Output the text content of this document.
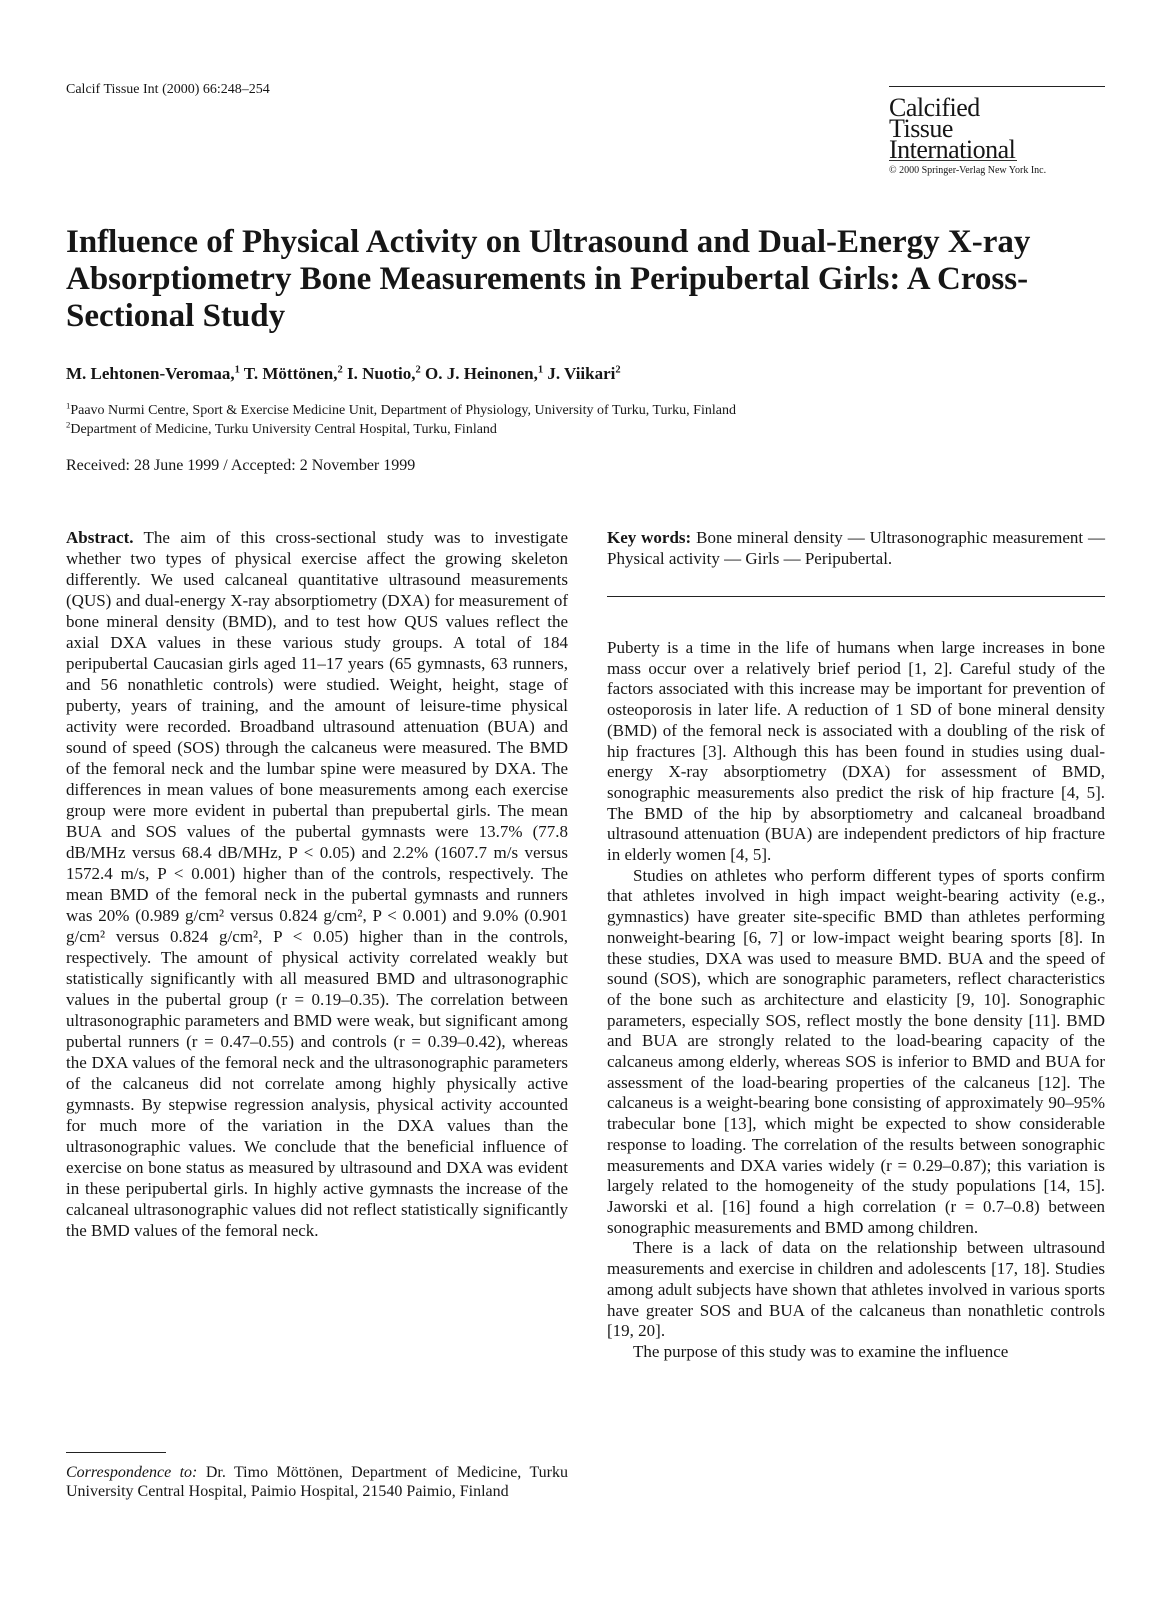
Calcif Tissue Int (2000) 66:248–254
Calcified
Tissue
International
© 2000 Springer-Verlag New York Inc.
Influence of Physical Activity on Ultrasound and Dual-Energy X-ray Absorptiometry Bone Measurements in Peripubertal Girls: A Cross-Sectional Study
M. Lehtonen-Veromaa,$^1$ T. Möttönen,$^2$ I. Nuotio,$^2$ O. J. Heinonen,$^1$ J. Viikari$^2$
$^1$Paavo Nurmi Centre, Sport & Exercise Medicine Unit, Department of Physiology, University of Turku, Turku, Finland
$^2$Department of Medicine, Turku University Central Hospital, Turku, Finland
Received: 28 June 1999 / Accepted: 2 November 1999

Abstract. The aim of this cross-sectional study was to investigate whether two types of physical exercise affect the growing skeleton differently. We used calcaneal quantitative ultrasound measurements (QUS) and dual-energy X-ray absorptiometry (DXA) for measurement of bone mineral density (BMD), and to test how QUS values reflect the axial DXA values in these various study groups. A total of 184 peripubertal Caucasian girls aged 11–17 years (65 gymnasts, 63 runners, and 56 nonathletic controls) were studied. Weight, height, stage of puberty, years of training, and the amount of leisure-time physical activity were recorded. Broadband ultrasound attenuation (BUA) and sound of speed (SOS) through the calcaneus were measured. The BMD of the femoral neck and the lumbar spine were measured by DXA. The differences in mean values of bone measurements among each exercise group were more evident in pubertal than prepubertal girls. The mean BUA and SOS values of the pubertal gymnasts were 13.7% (77.8 dB/MHz versus 68.4 dB/MHz, P < 0.05) and 2.2% (1607.7 m/s versus 1572.4 m/s, P < 0.001) higher than of the controls, respectively. The mean BMD of the femoral neck in the pubertal gymnasts and runners was 20% (0.989 g/cm² versus 0.824 g/cm², P < 0.001) and 9.0% (0.901 g/cm² versus 0.824 g/cm², P < 0.05) higher than in the controls, respectively. The amount of physical activity correlated weakly but statistically significantly with all measured BMD and ultrasonographic values in the pubertal group (r = 0.19–0.35). The correlation between ultrasonographic parameters and BMD were weak, but significant among pubertal runners (r = 0.47–0.55) and controls (r = 0.39–0.42), whereas the DXA values of the femoral neck and the ultrasonographic parameters of the calcaneus did not correlate among highly physically active gymnasts. By stepwise regression analysis, physical activity accounted for much more of the variation in the DXA values than the ultrasonographic values. We conclude that the beneficial influence of exercise on bone status as measured by ultrasound and DXA was evident in these peripubertal girls. In highly active gymnasts the increase of the calcaneal ultrasonographic values did not reflect statistically significantly the BMD values of the femoral neck.

Key words: Bone mineral density — Ultrasonographic measurement — Physical activity — Girls — Peripubertal.

Puberty is a time in the life of humans when large increases in bone mass occur over a relatively brief period [1, 2]. Careful study of the factors associated with this increase may be important for prevention of osteoporosis in later life. A reduction of 1 SD of bone mineral density (BMD) of the femoral neck is associated with a doubling of the risk of hip fractures [3]. Although this has been found in studies using dual-energy X-ray absorptiometry (DXA) for assessment of BMD, sonographic measurements also predict the risk of hip fracture [4, 5]. The BMD of the hip by absorptiometry and calcaneal broadband ultrasound attenuation (BUA) are independent predictors of hip fracture in elderly women [4, 5].

Studies on athletes who perform different types of sports confirm that athletes involved in high impact weight-bearing activity (e.g., gymnastics) have greater site-specific BMD than athletes performing nonweight-bearing [6, 7] or low-impact weight bearing sports [8]. In these studies, DXA was used to measure BMD. BUA and the speed of sound (SOS), which are sonographic parameters, reflect characteristics of the bone such as architecture and elasticity [9, 10]. Sonographic parameters, especially SOS, reflect mostly the bone density [11]. BMD and BUA are strongly related to the load-bearing capacity of the calcaneus among elderly, whereas SOS is inferior to BMD and BUA for assessment of the load-bearing properties of the calcaneus [12]. The calcaneus is a weight-bearing bone consisting of approximately 90–95% trabecular bone [13], which might be expected to show considerable response to loading. The correlation of the results between sonographic measurements and DXA varies widely (r = 0.29–0.87); this variation is largely related to the homogeneity of the study populations [14, 15]. Jaworski et al. [16] found a high correlation (r = 0.7–0.8) between sonographic measurements and BMD among children.

There is a lack of data on the relationship between ultrasound measurements and exercise in children and adolescents [17, 18]. Studies among adult subjects have shown that athletes involved in various sports have greater SOS and BUA of the calcaneus than nonathletic controls [19, 20].

The purpose of this study was to examine the influence

Correspondence to: Dr. Timo Möttönen, Department of Medicine, Turku University Central Hospital, Paimio Hospital, 21540 Paimio, Finland
